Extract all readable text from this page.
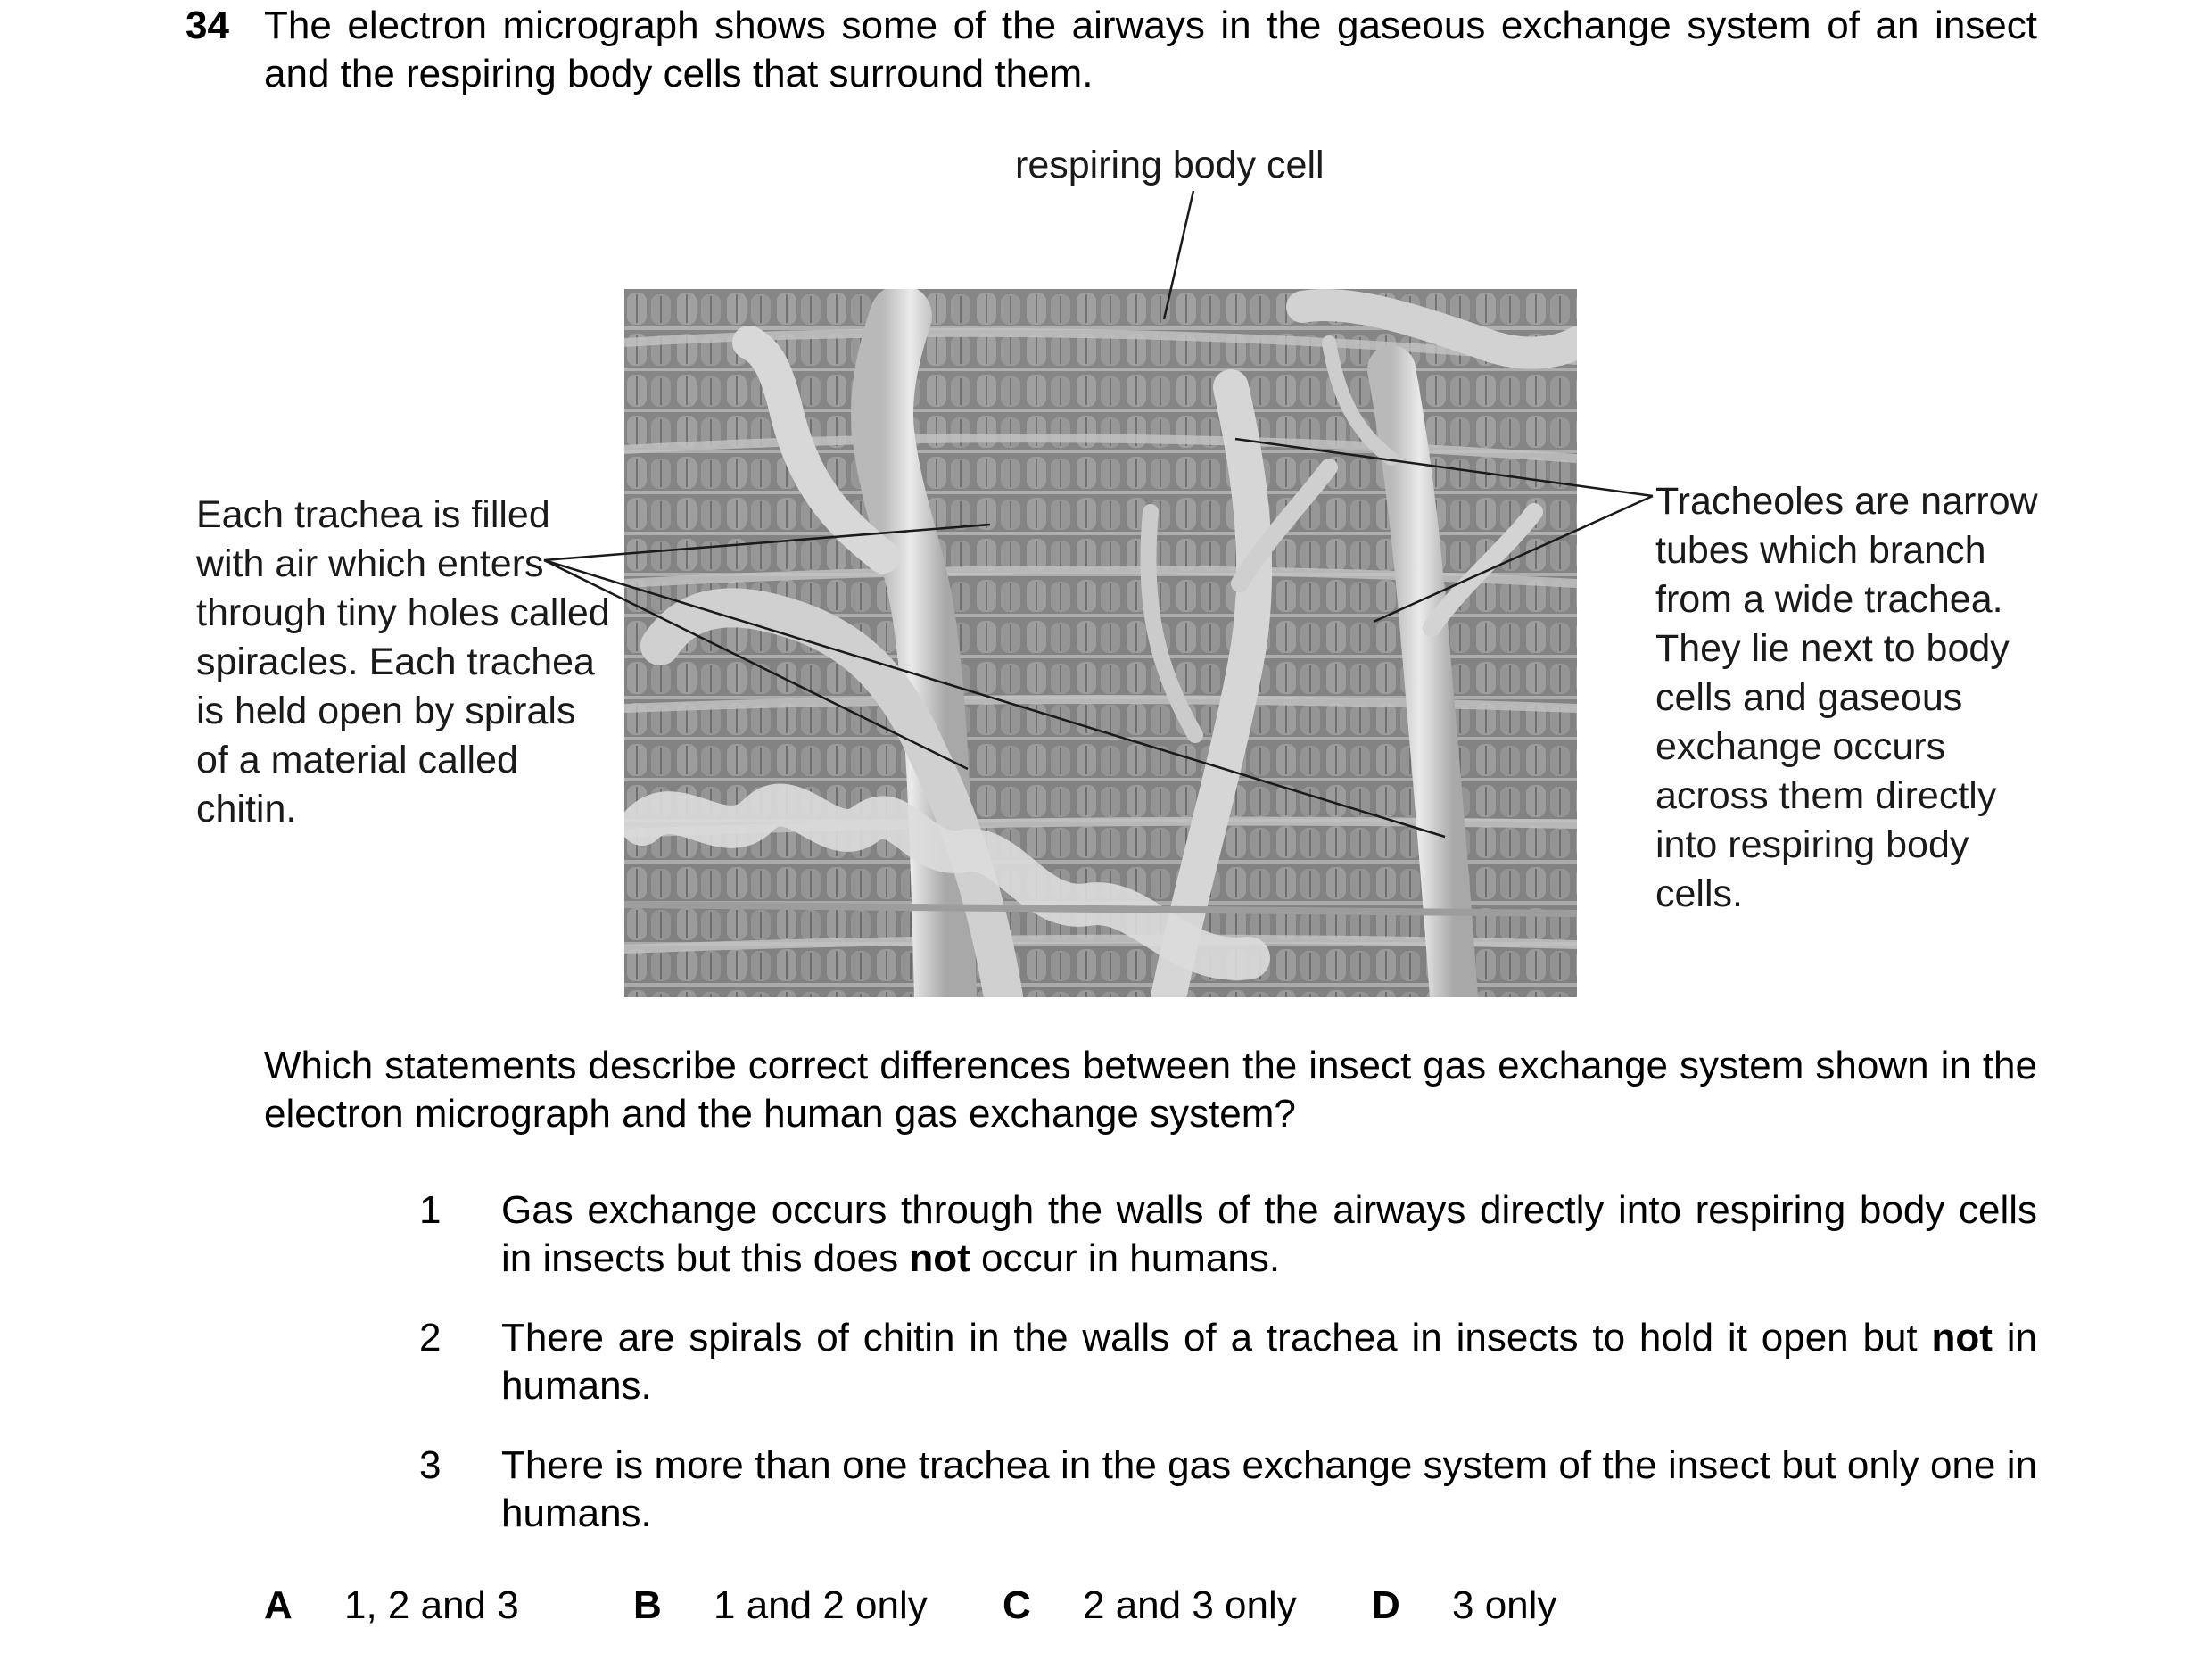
34 The electron micrograph shows some of the airways in the gaseous exchange system of an insect and the respiring body cells that surround them.
respiring body cell
Each trachea is filled with air which enters through tiny holes called spiracles. Each trachea is held open by spirals of a material called chitin.
Tracheoles are narrow tubes which branch from a wide trachea. They lie next to body cells and gaseous exchange occurs across them directly into respiring body cells.
Which statements describe correct differences between the insect gas exchange system shown in the electron micrograph and the human gas exchange system?
1 Gas exchange occurs through the walls of the airways directly into respiring body cells in insects but this does not occur in humans.
2 There are spirals of chitin in the walls of a trachea in insects to hold it open but not in humans.
3 There is more than one trachea in the gas exchange system of the insect but only one in humans.
A 1, 2 and 3	B 1 and 2 only C 2 and 3 only D 3 only
